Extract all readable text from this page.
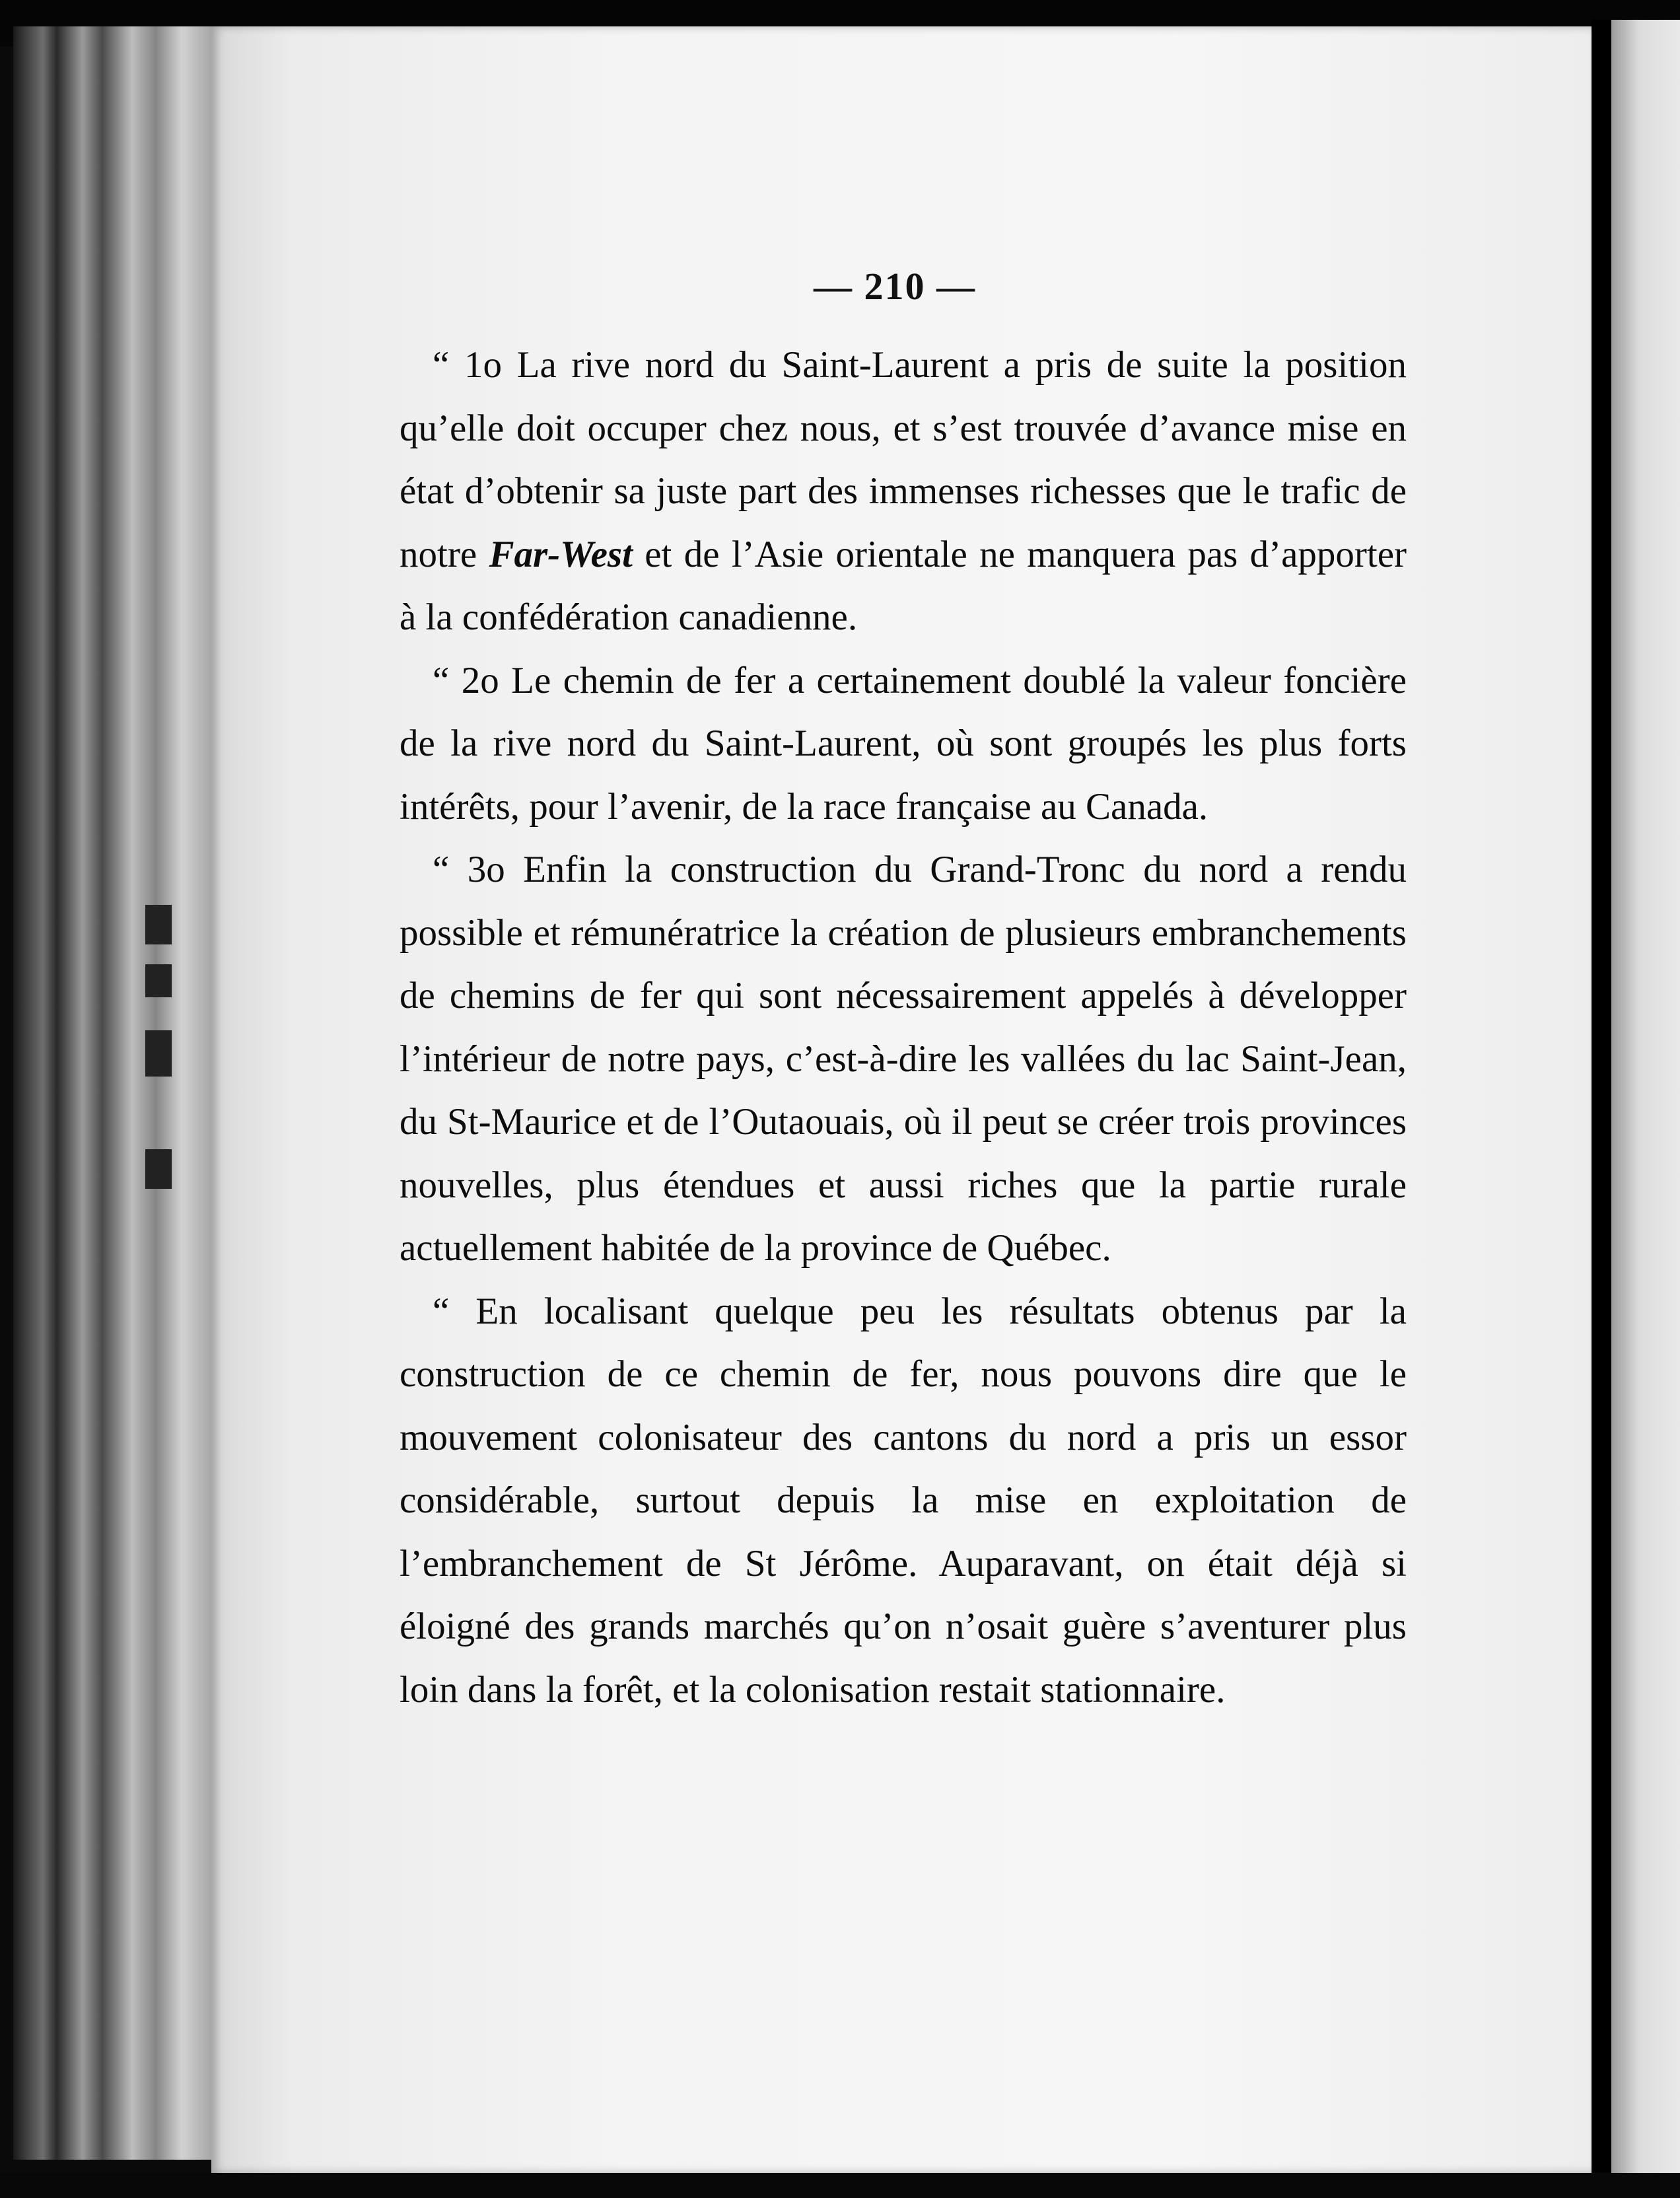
— 210 —

“ 1o La rive nord du Saint-Laurent a pris de suite la position qu’elle doit occuper chez nous, et s’est trouvée d’avance mise en état d’obtenir sa juste part des immenses richesses que le trafic de notre Far-West et de l’Asie orientale ne manquera pas d’apporter à la confédération canadienne.

“ 2o Le chemin de fer a certainement doublé la valeur foncière de la rive nord du Saint-Laurent, où sont groupés les plus forts intérêts, pour l’avenir, de la race française au Canada.

“ 3o Enfin la construction du Grand-Tronc du nord a rendu possible et rémunératrice la création de plusieurs embranchements de chemins de fer qui sont nécessairement appelés à développer l’intérieur de notre pays, c’est-à-dire les vallées du lac Saint-Jean, du St-Maurice et de l’Outaouais, où il peut se créer trois provinces nouvelles, plus étendues et aussi riches que la partie rurale actuellement habitée de la province de Québec.

“ En localisant quelque peu les résultats obtenus par la construction de ce chemin de fer, nous pouvons dire que le mouvement colonisateur des cantons du nord a pris un essor considérable, surtout depuis la mise en exploitation de l’embranchement de St Jérôme. Auparavant, on était déjà si éloigné des grands marchés qu’on n’osait guère s’aventurer plus loin dans la forêt, et la colonisation restait stationnaire.
